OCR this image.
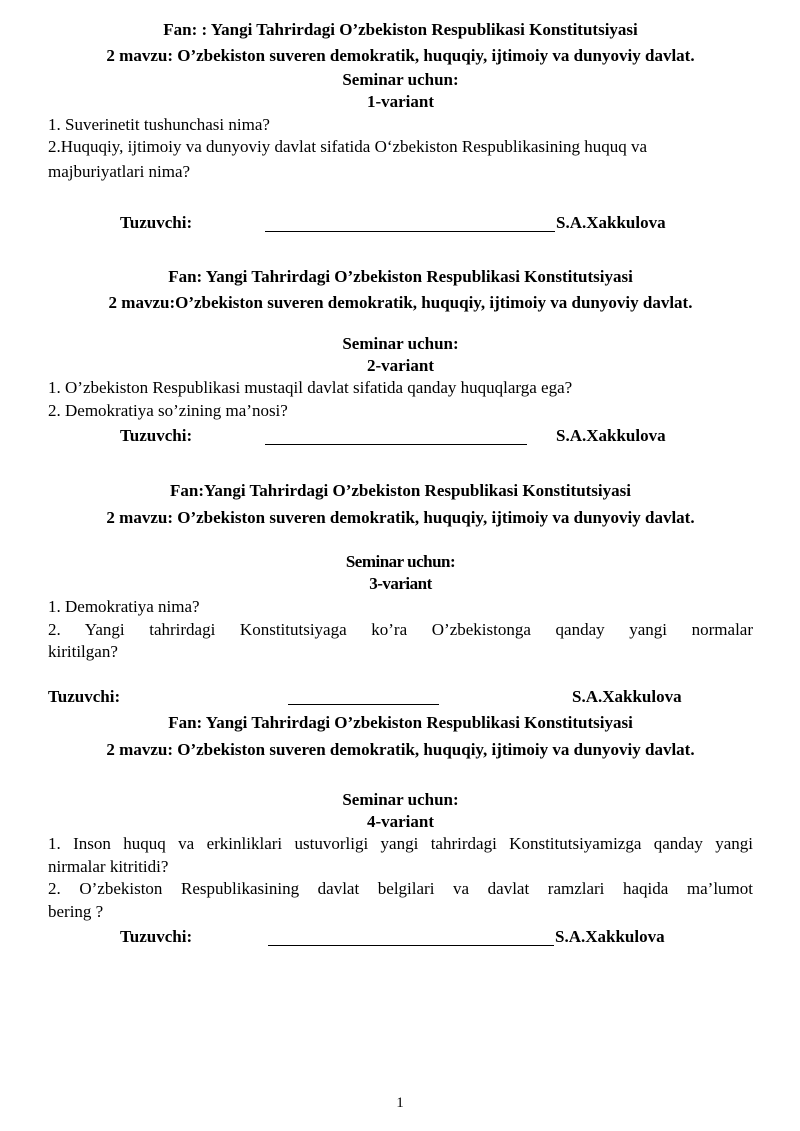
Fan: : Yangi Tahrirdagi O’zbekiston Respublikasi Konstitutsiyasi
2 mavzu: O’zbekiston suveren demokratik, huquqiy, ijtimoiy va dunyoviy davlat.
Seminar uchun:
1-variant
1. Suverinetit tushunchasi nima?
2.Huquqiy, ijtimoiy va dunyoviy davlat sifatida O‘zbekiston Respublikasining huquq va
majburiyatlari nima?
Tuzuvchi:	S.A.Xakkulova
Fan: Yangi Tahrirdagi O’zbekiston Respublikasi Konstitutsiyasi
2 mavzu:O’zbekiston suveren demokratik, huquqiy, ijtimoiy va dunyoviy davlat.
Seminar uchun:
2-variant
1. O’zbekiston Respublikasi mustaqil davlat sifatida qanday huquqlarga ega?
2. Demokratiya so’zining ma’nosi?
Tuzuvchi:	S.A.Xakkulova
Fan:Yangi Tahrirdagi O’zbekiston Respublikasi Konstitutsiyasi
2 mavzu: O’zbekiston suveren demokratik, huquqiy, ijtimoiy va dunyoviy davlat.
Seminar uchun:
3-variant
1. Demokratiya nima?
2. Yangi tahrirdagi Konstitutsiyaga ko’ra O’zbekistonga qanday yangi normalar
kiritilgan?
Tuzuvchi:	S.A.Xakkulova
Fan: Yangi Tahrirdagi O’zbekiston Respublikasi Konstitutsiyasi
2 mavzu: O’zbekiston suveren demokratik, huquqiy, ijtimoiy va dunyoviy davlat.
Seminar uchun:
4-variant
1. Inson huquq va erkinliklari ustuvorligi yangi tahrirdagi Konstitutsiyamizga qanday yangi
nirmalar kitritidi?
2. O’zbekiston Respublikasining davlat belgilari va davlat ramzlari haqida ma’lumot
bering ?
Tuzuvchi:	S.A.Xakkulova
1
